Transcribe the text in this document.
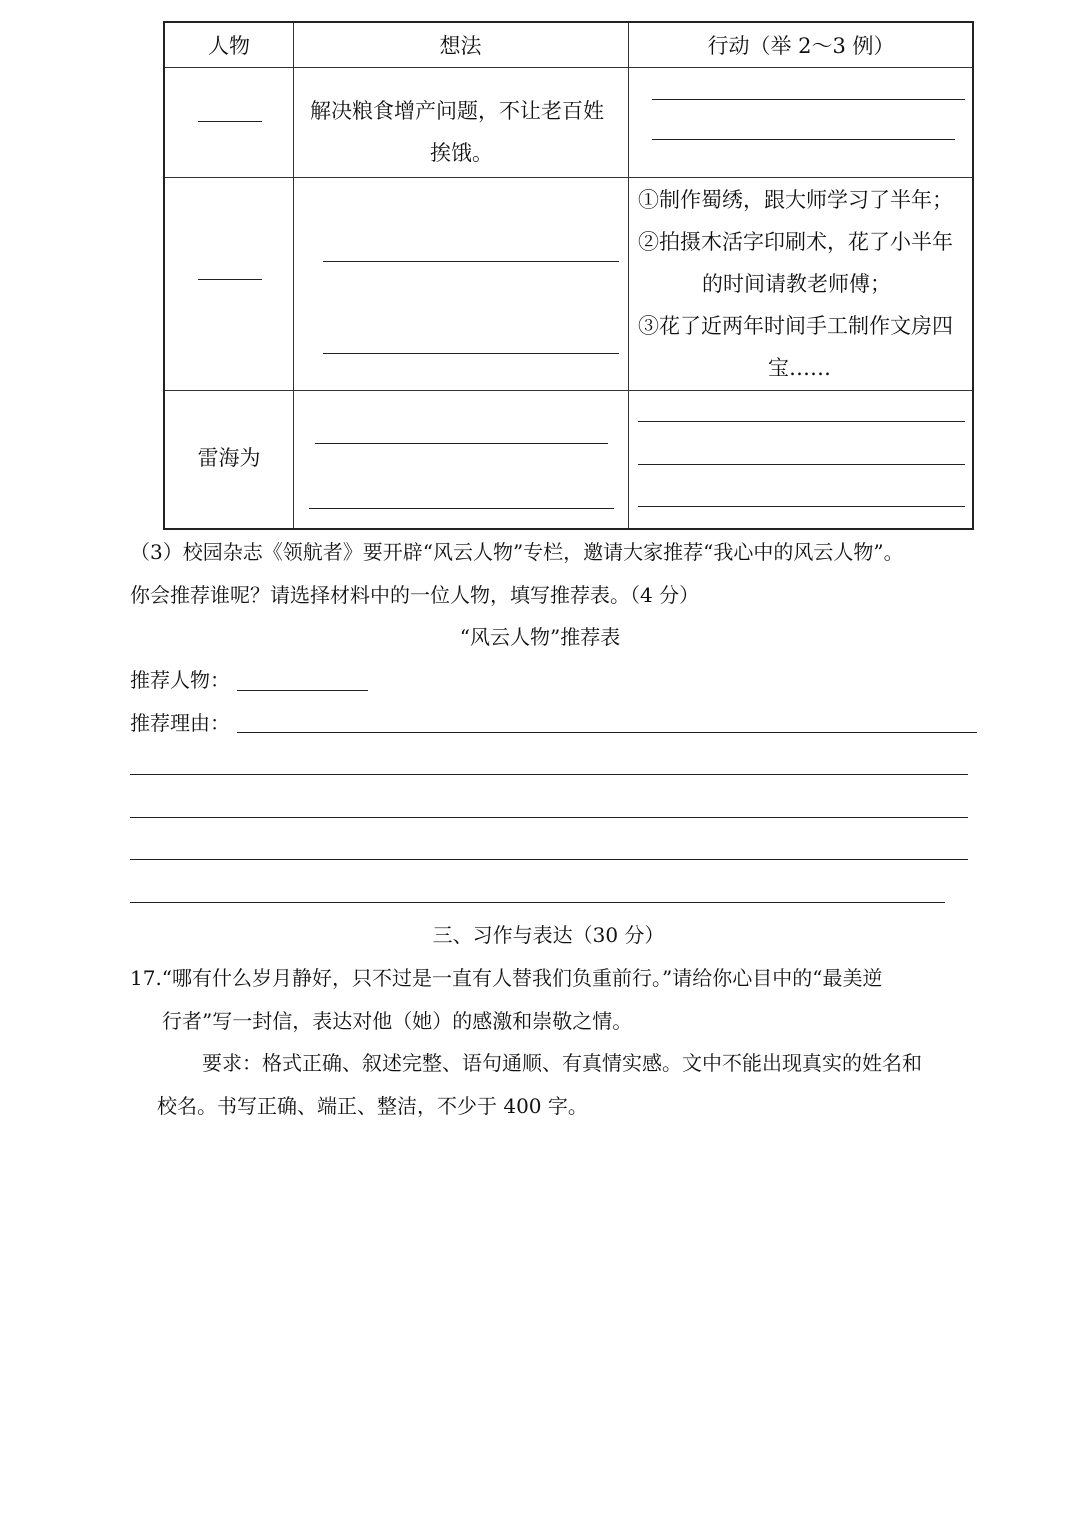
人物	想法	行动（举 2～3 例）
解决粮食增产问题，不让老百姓
挨饿。
①制作蜀绣，跟大师学习了半年；
②拍摄木活字印刷术，花了小半年
的时间请教老师傅；
③花了近两年时间手工制作文房四
宝……
雷海为
（3）校园杂志《领航者》要开辟“风云人物”专栏，邀请大家推荐“我心中的风云人物”。
你会推荐谁呢？请选择材料中的一位人物，填写推荐表。（4 分）
“风云人物”推荐表
推荐人物：
推荐理由：
三、习作与表达（30 分）
17.“哪有什么岁月静好，只不过是一直有人替我们负重前行。”请给你心目中的“最美逆
行者”写一封信，表达对他（她）的感激和崇敬之情。
要求：格式正确、叙述完整、语句通顺、有真情实感。文中不能出现真实的姓名和
校名。书写正确、端正、整洁，不少于 400 字。
